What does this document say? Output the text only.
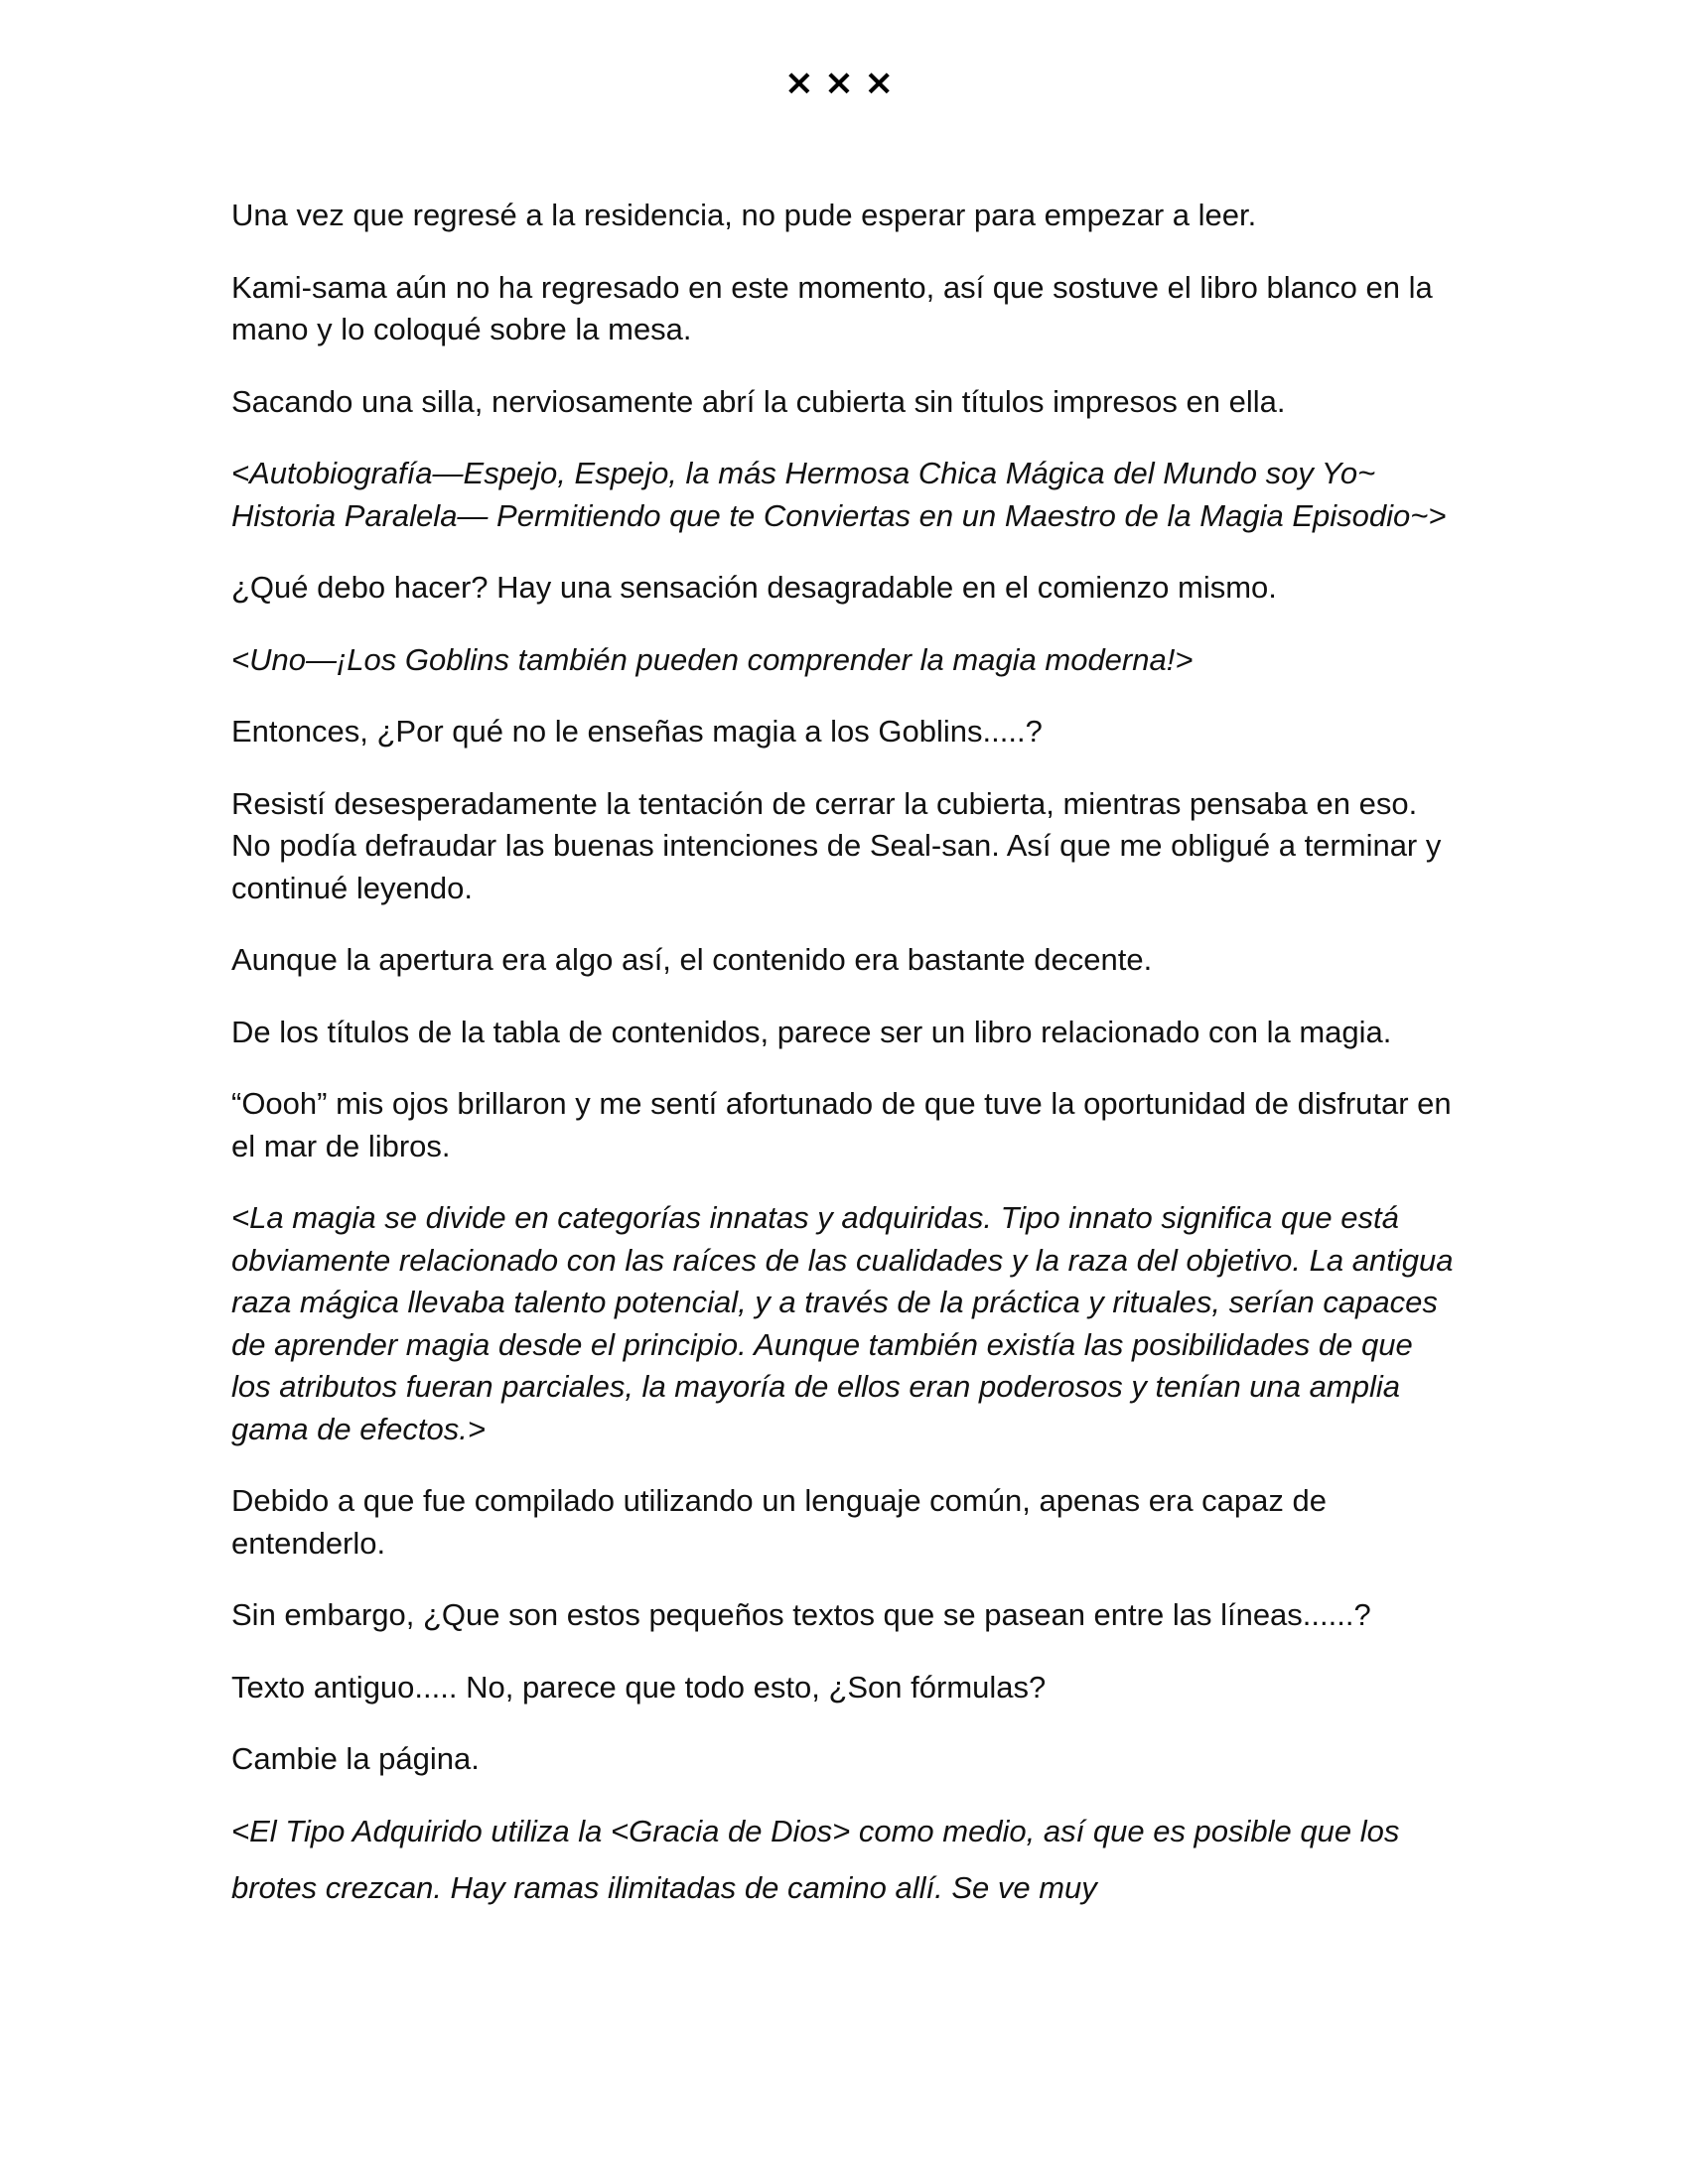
×××

Una vez que regresé a la residencia, no pude esperar para empezar a leer.

Kami-sama aún no ha regresado en este momento, así que sostuve el libro blanco en la mano y lo coloqué sobre la mesa.

Sacando una silla, nerviosamente abrí la cubierta sin títulos impresos en ella.

<Autobiografía—Espejo, Espejo, la más Hermosa Chica Mágica del Mundo soy Yo~ Historia Paralela— Permitiendo que te Conviertas en un Maestro de la Magia Episodio~>

¿Qué debo hacer? Hay una sensación desagradable en el comienzo mismo.

<Uno—¡Los Goblins también pueden comprender la magia moderna!>

Entonces, ¿Por qué no le enseñas magia a los Goblins.....?

Resistí desesperadamente la tentación de cerrar la cubierta, mientras pensaba en eso. No podía defraudar las buenas intenciones de Seal-san. Así que me obligué a terminar y continué leyendo.

Aunque la apertura era algo así, el contenido era bastante decente.

De los títulos de la tabla de contenidos, parece ser un libro relacionado con la magia.

“Oooh” mis ojos brillaron y me sentí afortunado de que tuve la oportunidad de disfrutar en el mar de libros.

<La magia se divide en categorías innatas y adquiridas. Tipo innato significa que está obviamente relacionado con las raíces de las cualidades y la raza del objetivo. La antigua raza mágica llevaba talento potencial, y a través de la práctica y rituales, serían capaces de aprender magia desde el principio. Aunque también existía las posibilidades de que los atributos fueran parciales, la mayoría de ellos eran poderosos y tenían una amplia gama de efectos.>

Debido a que fue compilado utilizando un lenguaje común, apenas era capaz de entenderlo.

Sin embargo, ¿Que son estos pequeños textos que se pasean entre las líneas......?

Texto antiguo..... No, parece que todo esto, ¿Son fórmulas?

Cambie la página.

<El Tipo Adquirido utiliza la <Gracia de Dios> como medio, así que es posible que los brotes crezcan. Hay ramas ilimitadas de camino allí. Se ve muy
